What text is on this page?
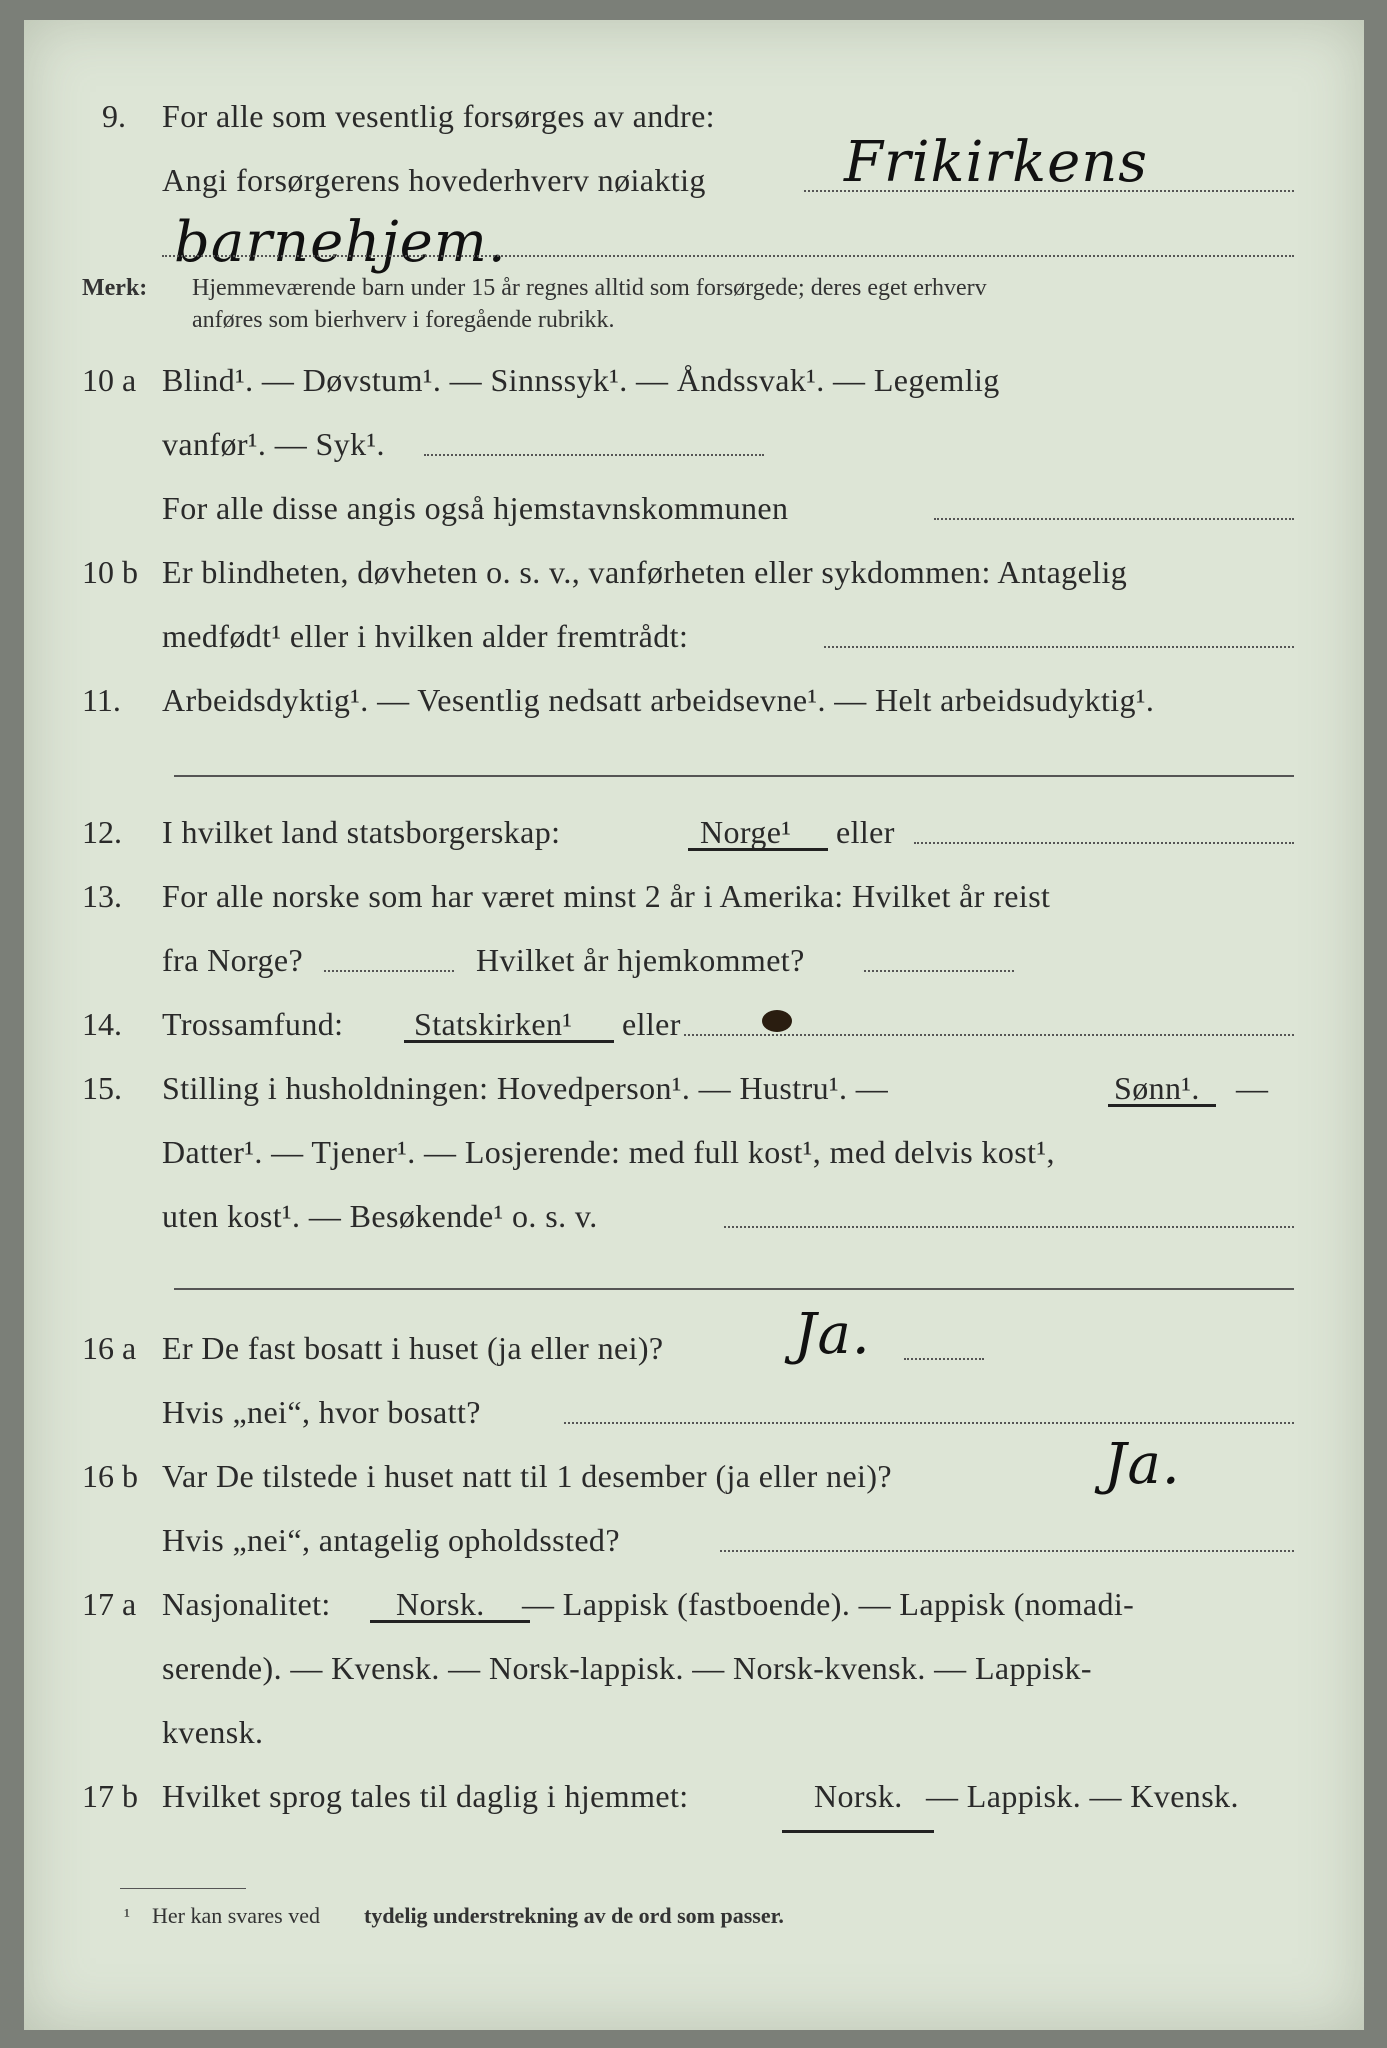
9. For alle som vesentlig forsørges av andre:
Angi forsørgerens hovederhverv nøiaktig Frikirkens
barnehjem.
Merk: Hjemmeværende barn under 15 år regnes alltid som forsørgede; deres eget erhverv
anføres som bierhverv i foregående rubrikk.
10 a Blind¹. — Døvstum¹. — Sinnssyk¹. — Åndssvak¹. — Legemlig
vanfør¹. — Syk¹.
For alle disse angis også hjemstavnskommunen
10 b Er blindheten, døvheten o. s. v., vanførheten eller sykdommen: Antagelig
medfødt¹ eller i hvilken alder fremtrådt:
11. Arbeidsdyktig¹. — Vesentlig nedsatt arbeidsevne¹. — Helt arbeidsudyktig¹.
12. I hvilket land statsborgerskap:	Norge¹ eller
13. For alle norske som har været minst 2 år i Amerika: Hvilket år reist
fra Norge?	Hvilket år hjemkommet?
14. Trossamfund: Statskirken¹ eller
15. Stilling i husholdningen: Hovedperson¹. — Hustru¹. —	Sønn¹. —
Datter¹. — Tjener¹. — Losjerende: med full kost¹, med delvis kost¹,
uten kost¹. — Besøkende¹ o. s. v.
16 a Er De fast bosatt i huset (ja eller nei)? Ja.
Hvis „nei“, hvor bosatt?
16 b Var De tilstede i huset natt til 1 desember (ja eller nei)?	Ja.
Hvis „nei“, antagelig opholdssted?
17 a Nasjonalitet: Norsk. — Lappisk (fastboende). — Lappisk (nomadi-
serende). — Kvensk. — Norsk-lappisk. — Norsk-kvensk. — Lappisk-
kvensk.
17 b Hvilket sprog tales til daglig i hjemmet:	Norsk. — Lappisk. — Kvensk.
¹ Her kan svares ved tydelig understrekning av de ord som passer.
